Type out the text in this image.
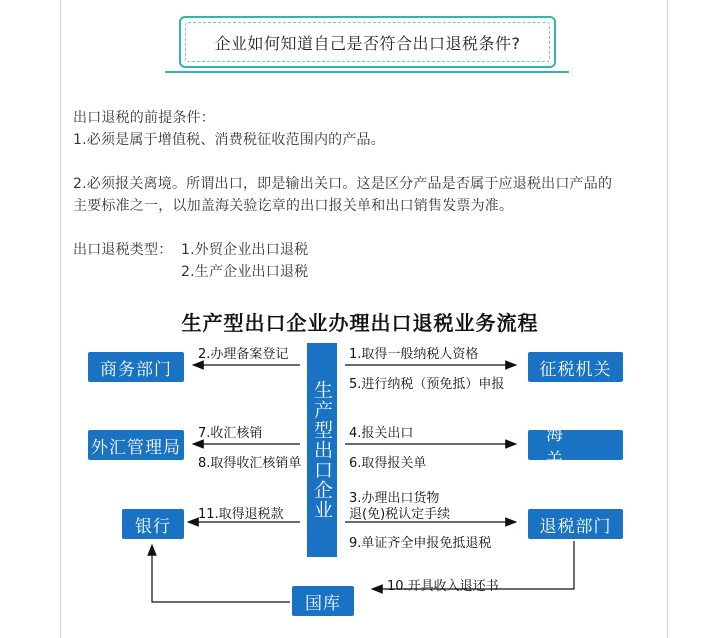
企业如何知道自己是否符合出口退税条件?
出口退税的前提条件：
1.必须是属于增值税、消费税征收范围内的产品。
2.必须报关离境。所谓出口，即是输出关口。这是区分产品是否属于应退税出口产品的
主要标准之一，以加盖海关验讫章的出口报关单和出口销售发票为准。
出口退税类型： 1.外贸企业出口退税
2.生产企业出口退税
生产型出口企业办理出口退税业务流程
商务部门	征税机关
外汇管理局
海 关
银行	退税部门
国库
生产型出口企业
2.办理备案登记	1.取得一般纳税人资格
5.进行纳税（预免抵）申报
7.收汇核销
8.取得收汇核销单
4.报关出口
6.取得报关单
11.取得退税款
3.办理出口货物
退(免)税认定手续
9.单证齐全申报免抵退税
10.开具收入退还书
